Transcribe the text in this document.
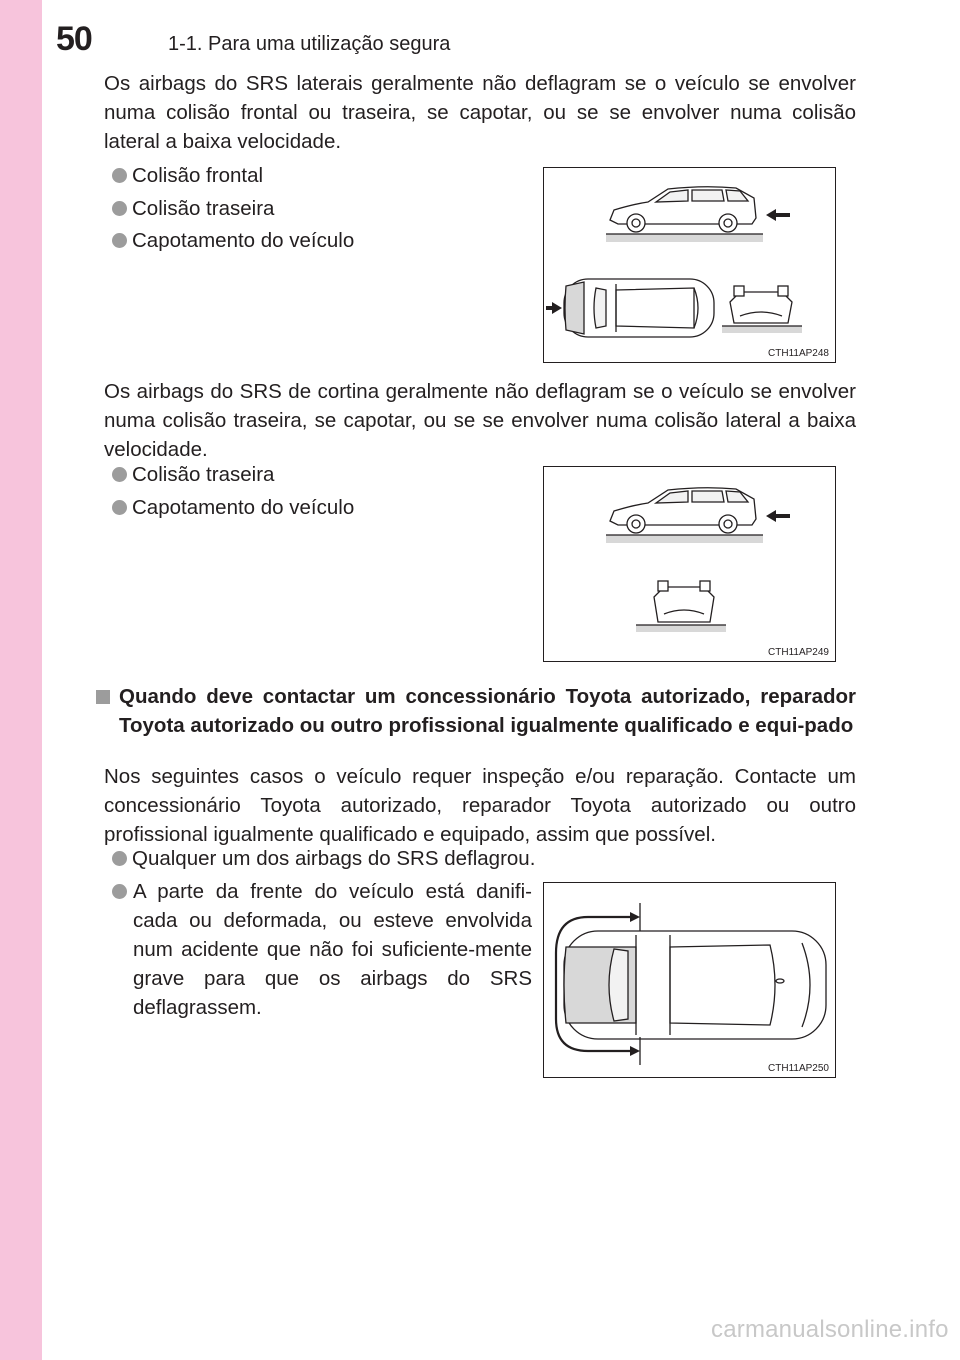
50	1-1. Para uma utilização segura
Os airbags do SRS laterais geralmente não deflagram se o veículo se envolver numa colisão frontal ou traseira, se capotar, ou se se envolver numa colisão lateral a baixa velocidade.
Colisão frontal
Colisão traseira
Capotamento do veículo
CTH11AP248
Os airbags do SRS de cortina geralmente não deflagram se o veículo se envolver numa colisão traseira, se capotar, ou se se envolver numa colisão lateral a baixa velocidade.
Colisão traseira
Capotamento do veículo
CTH11AP249
Quando deve contactar um concessionário Toyota autorizado, reparador Toyota autorizado ou outro profissional igualmente qualificado e equi-pado
Nos seguintes casos o veículo requer inspeção e/ou reparação. Contacte um concessionário Toyota autorizado, reparador Toyota autorizado ou outro profissional igualmente qualificado e equipado, assim que possível.
Qualquer um dos airbags do SRS deflagrou.
A parte da frente do veículo está danifi-cada ou deformada, ou esteve envolvida num acidente que não foi suficiente-mente grave para que os airbags do SRS deflagrassem.
CTH11AP250
carmanualsonline.info
